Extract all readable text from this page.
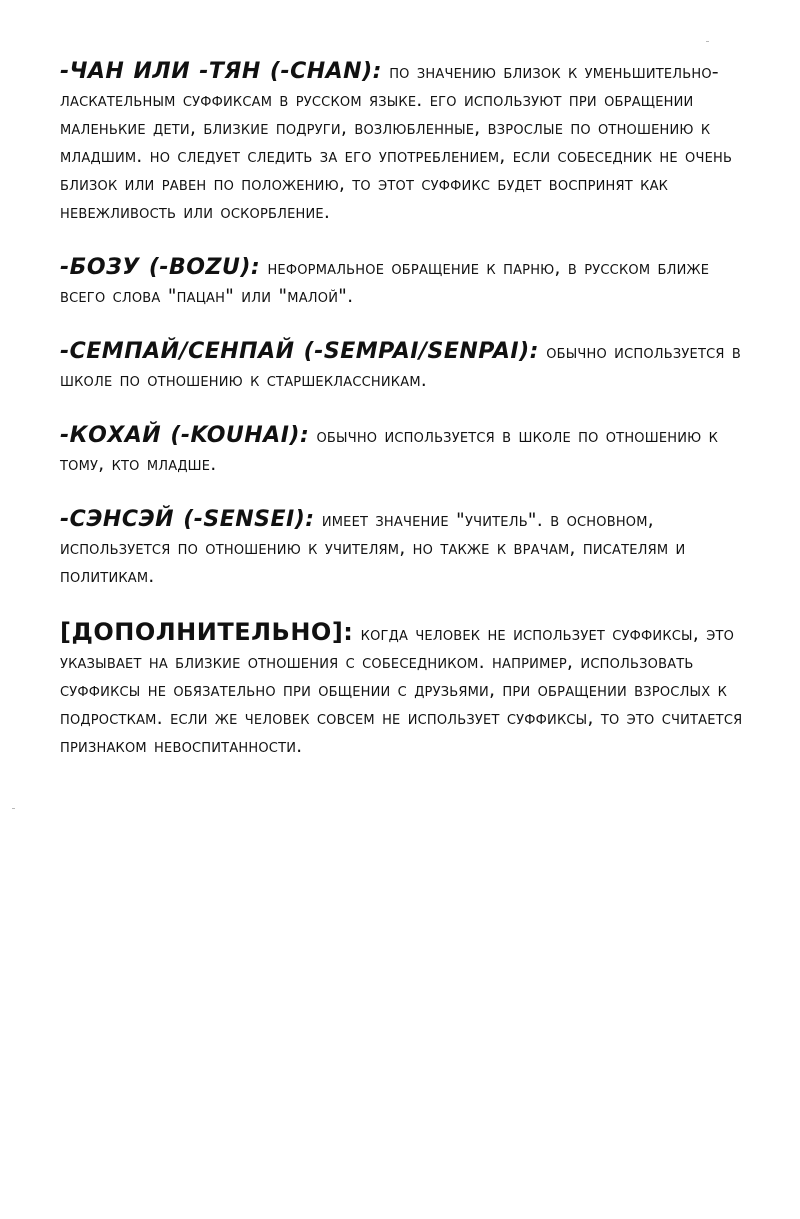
-ЧАН ИЛИ -ТЯН (-CHAN): по значению близок к уменьшительно-ласкательным суффиксам в русском языке. его используют при обращении маленькие дети, близкие подруги, возлюбленные, взрослые по отношению к младшим. но следует следить за его употреблением, если собеседник не очень близок или равен по положению, то этот суффикс будет воспринят как невежливость или оскорбление.

-БОЗУ (-BOZU): неформальное обращение к парню, в русском ближе всего слова "пацан" или "малой".

-СЕМПАЙ/СЕНПАЙ (-SEMPAI/SENPAI): обычно используется в школе по отношению к старшеклассникам.

-КОХАЙ (-KOUHAI): обычно используется в школе по отношению к тому, кто младше.

-СЭНСЭЙ (-SENSEI): имеет значение "учитель". в основном, используется по отношению к учителям, но также к врачам, писателям и политикам.

[ДОПОЛНИТЕЛЬНО]: когда человек не использует суффиксы, это указывает на близкие отношения с собеседником. например, использовать суффиксы не обязательно при общении с друзьями, при обращении взрослых к подросткам. если же человек совсем не использует суффиксы, то это считается признаком невоспитанности.
